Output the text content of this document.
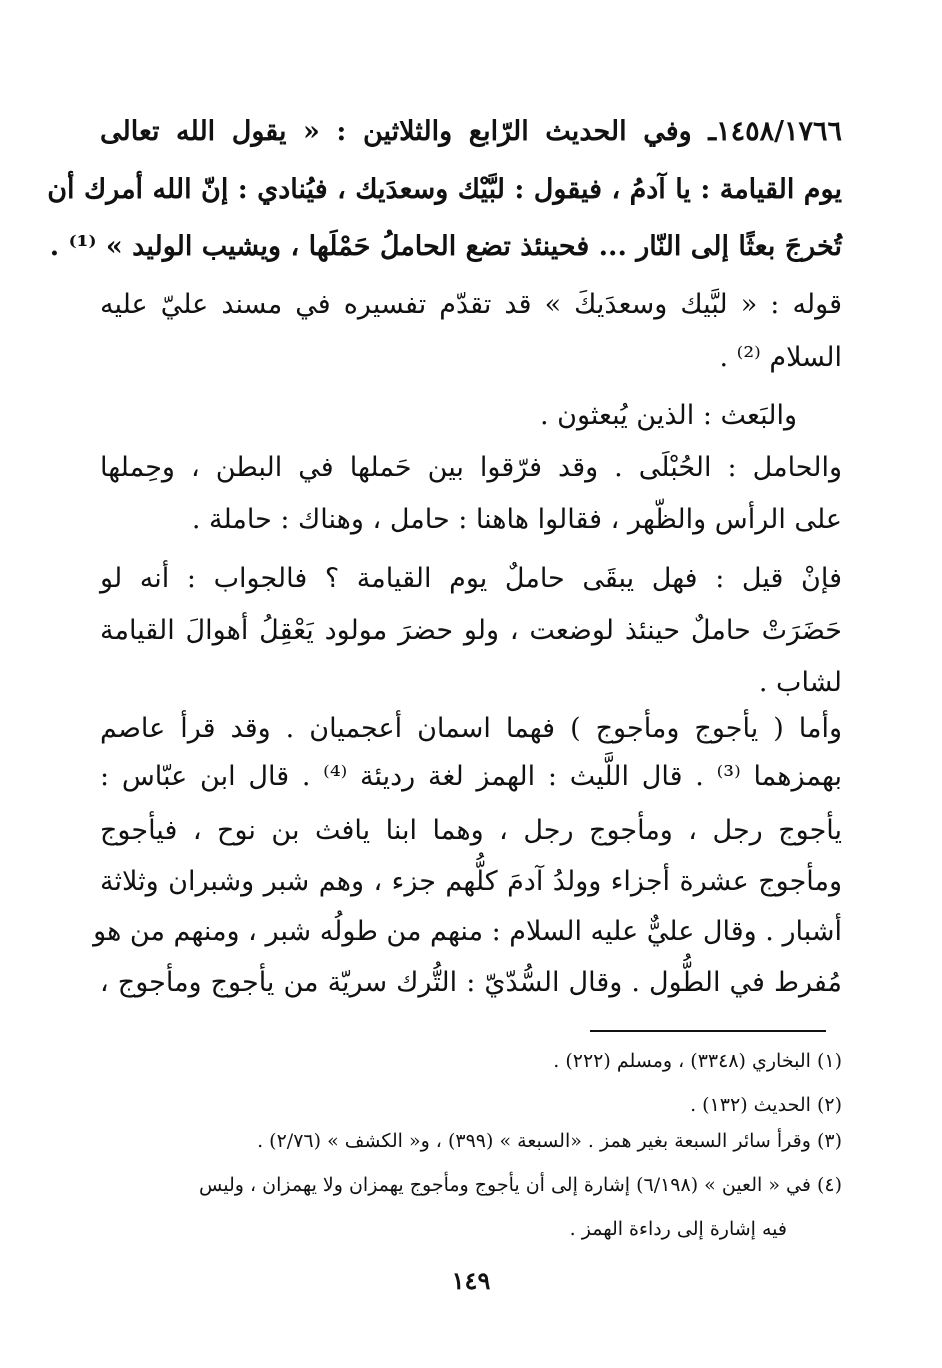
١٤٥٨/١٧٦٦ـ وفي الحديث الرّابع والثلاثين : « يقول الله تعالى
يوم القيامة : يا آدمُ ، فيقول : لبَّيْك وسعدَيك ، فيُنادي : إنّ الله أمرك أن
تُخرجَ بعثًا إلى النّار ... فحينئذ تضع الحاملُ حَمْلَها ، ويشيب الوليد » ⁽¹⁾ .
قوله : « لبَّيك وسعدَيكَ » قد تقدّم تفسيره في مسند عليّ عليه
السلام ⁽²⁾ .
والبَعث : الذين يُبعثون .
والحامل : الحُبْلَى . وقد فرّقوا بين حَملها في البطن ، وحِملها
على الرأس والظّهر ، فقالوا هاهنا : حامل ، وهناك : حاملة .
فإنْ قيل : فهل يبقَى حاملٌ يوم القيامة ؟ فالجواب : أنه لو
حَضَرَتْ حاملٌ حينئذ لوضعت ، ولو حضرَ مولود يَعْقِلُ أهوالَ القيامة
لشاب .
وأما ( يأجوج ومأجوج ) فهما اسمان أعجميان . وقد قرأ عاصم
بهمزهما ⁽³⁾ . قال اللَّيث : الهمز لغة رديئة ⁽⁴⁾ . قال ابن عبّاس :
يأجوج رجل ، ومأجوج رجل ، وهما ابنا يافث بن نوح ، فيأجوج
ومأجوج عشرة أجزاء وولدُ آدمَ كلُّهم جزء ، وهم شبر وشبران وثلاثة
أشبار . وقال عليٌّ عليه السلام : منهم من طولُه شبر ، ومنهم من هو
مُفرط في الطُّول . وقال السُّدّيّ : التُّرك سريّة من يأجوج ومأجوج ،
(١) البخاري (٣٣٤٨) ، ومسلم (٢٢٢) .
(٢) الحديث (١٣٢) .
(٣) وقرأ سائر السبعة بغير همز . «السبعة » (٣٩٩) ، و« الكشف » (٢/٧٦) .
(٤) في « العين » (٦/١٩٨) إشارة إلى أن يأجوج ومأجوج يهمزان ولا يهمزان ، وليس
فيه إشارة إلى رداءة الهمز .
١٤٩
